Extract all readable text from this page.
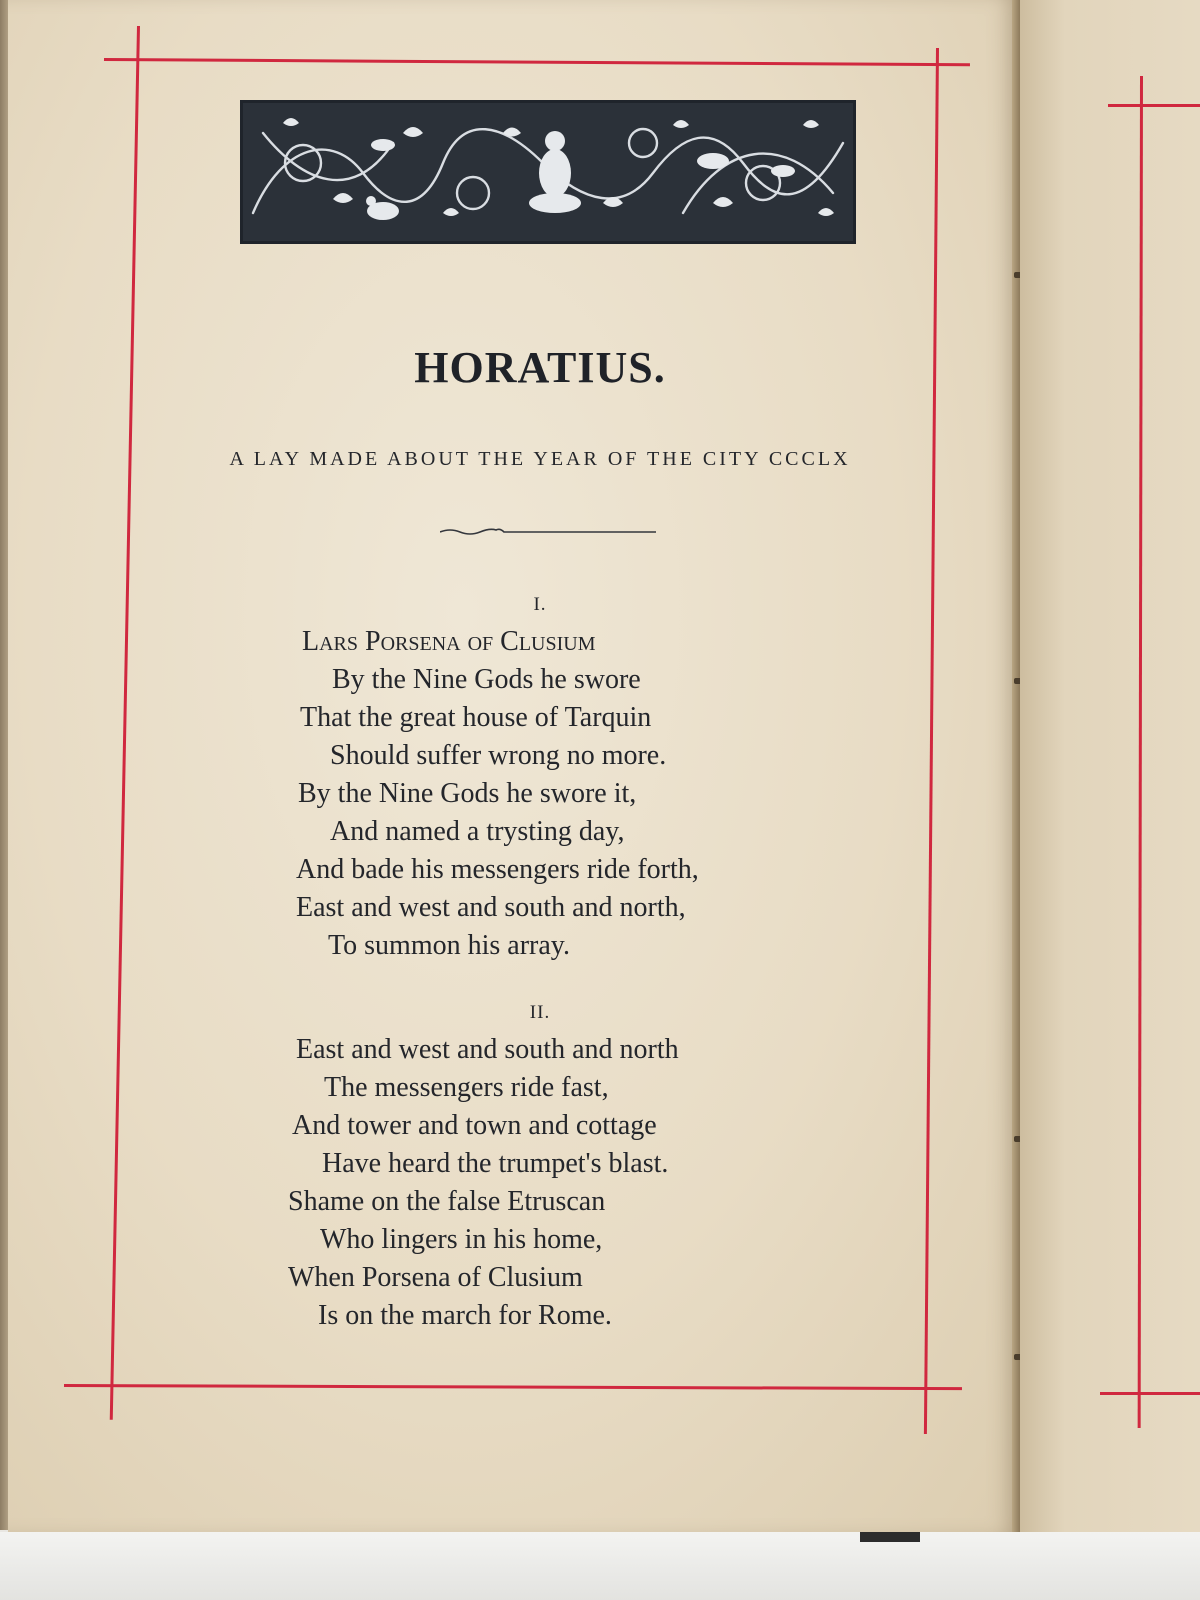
HORATIUS.
A LAY MADE ABOUT THE YEAR OF THE CITY CCCLX
I.
Lars Porsena of Clusium
By the Nine Gods he swore
That the great house of Tarquin
Should suffer wrong no more.
By the Nine Gods he swore it,
And named a trysting day,
And bade his messengers ride forth,
East and west and south and north,
To summon his array.
II.
East and west and south and north
The messengers ride fast,
And tower and town and cottage
Have heard the trumpet's blast.
Shame on the false Etruscan
Who lingers in his home,
When Porsena of Clusium
Is on the march for Rome.
